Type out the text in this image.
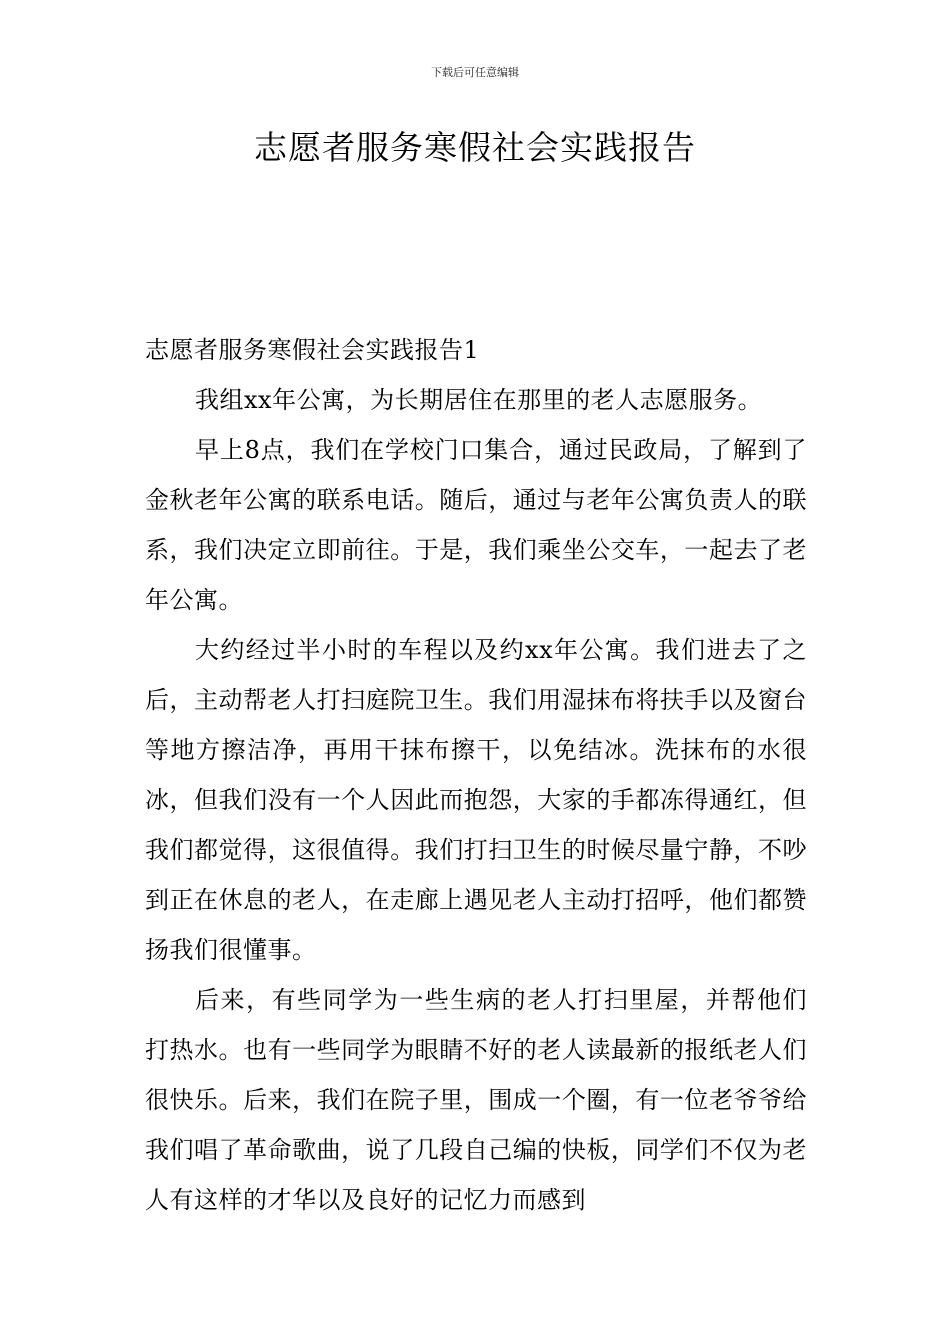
下载后可任意编辑
志愿者服务寒假社会实践报告
志愿者服务寒假社会实践报告1

我组xx年公寓，为长期居住在那里的老人志愿服务。

早上8点，我们在学校门口集合，通过民政局，了解到了金秋老年公寓的联系电话。随后，通过与老年公寓负责人的联系，我们决定立即前往。于是，我们乘坐公交车，一起去了老年公寓。

大约经过半小时的车程以及约xx年公寓。我们进去了之后，主动帮老人打扫庭院卫生。我们用湿抹布将扶手以及窗台等地方擦洁净，再用干抹布擦干，以免结冰。洗抹布的水很冰，但我们没有一个人因此而抱怨，大家的手都冻得通红，但我们都觉得，这很值得。我们打扫卫生的时候尽量宁静，不吵到正在休息的老人，在走廊上遇见老人主动打招呼，他们都赞扬我们很懂事。

后来，有些同学为一些生病的老人打扫里屋，并帮他们打热水。也有一些同学为眼睛不好的老人读最新的报纸老人们很快乐。后来，我们在院子里，围成一个圈，有一位老爷爷给我们唱了革命歌曲，说了几段自己编的快板，同学们不仅为老人有这样的才华以及良好的记忆力而感到
